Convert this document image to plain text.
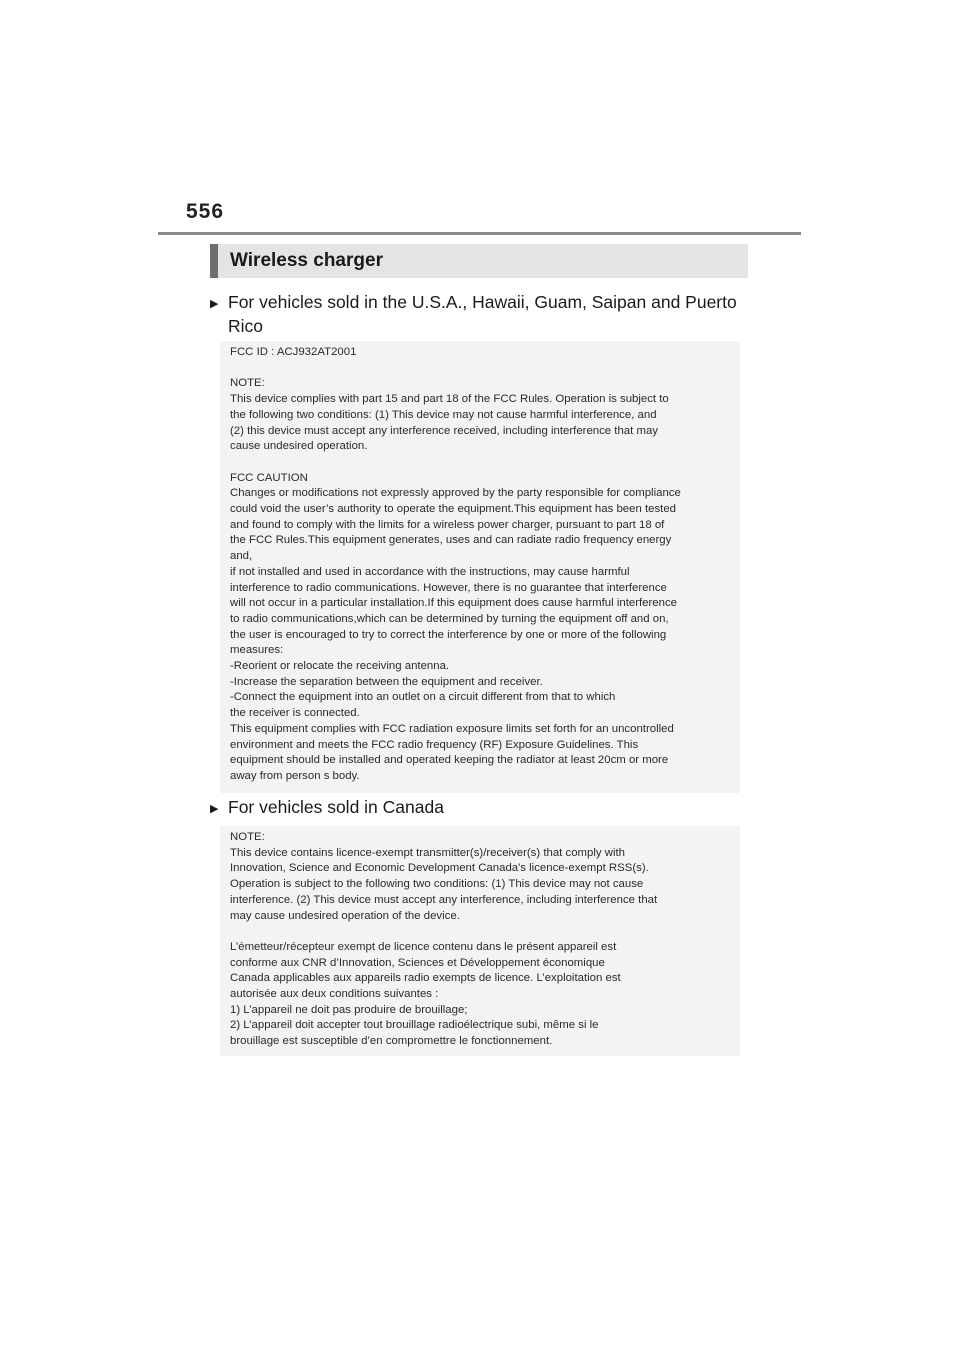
556
Wireless charger
▶ For vehicles sold in the U.S.A., Hawaii, Guam, Saipan and Puerto
Rico

FCC ID : ACJ932AT2001

NOTE:

This device complies with part 15 and part 18 of the FCC Rules. Operation is subject to

the following two conditions: (1) This device may not cause harmful interference, and

(2) this device must accept any interference received, including interference that may

cause undesired operation.

FCC CAUTION

Changes or modifications not expressly approved by the party responsible for compliance

could void the user’s authority to operate the equipment.This equipment has been tested

and found to comply with the limits for a wireless power charger, pursuant to part 18 of

the FCC Rules.This equipment generates, uses and can radiate radio frequency energy

and,

if not installed and used in accordance with the instructions, may cause harmful

interference to radio communications. However, there is no guarantee that interference

will not occur in a particular installation.If this equipment does cause harmful interference

to radio communications,which can be determined by turning the equipment off and on,

the user is encouraged to try to correct the interference by one or more of the following

measures:

-Reorient or relocate the receiving antenna.

-Increase the separation between the equipment and receiver.

-Connect the equipment into an outlet on a circuit different from that to which

the receiver is connected.

This equipment complies with FCC radiation exposure limits set forth for an uncontrolled

environment and meets the FCC radio frequency (RF) Exposure Guidelines. This

equipment should be installed and operated keeping the radiator at least 20cm or more

away from person s body.

▶ For vehicles sold in Canada

NOTE:

This device contains licence-exempt transmitter(s)/receiver(s) that comply with

Innovation, Science and Economic Development Canada's licence-exempt RSS(s).

Operation is subject to the following two conditions: (1) This device may not cause

interference. (2) This device must accept any interference, including interference that

may cause undesired operation of the device.

L’émetteur/récepteur exempt de licence contenu dans le présent appareil est

conforme aux CNR d’Innovation, Sciences et Développement économique

Canada applicables aux appareils radio exempts de licence. L’exploitation est

autorisée aux deux conditions suivantes :

1) L’appareil ne doit pas produire de brouillage;

2) L’appareil doit accepter tout brouillage radioélectrique subi, même si le

brouillage est susceptible d’en compromettre le fonctionnement.
